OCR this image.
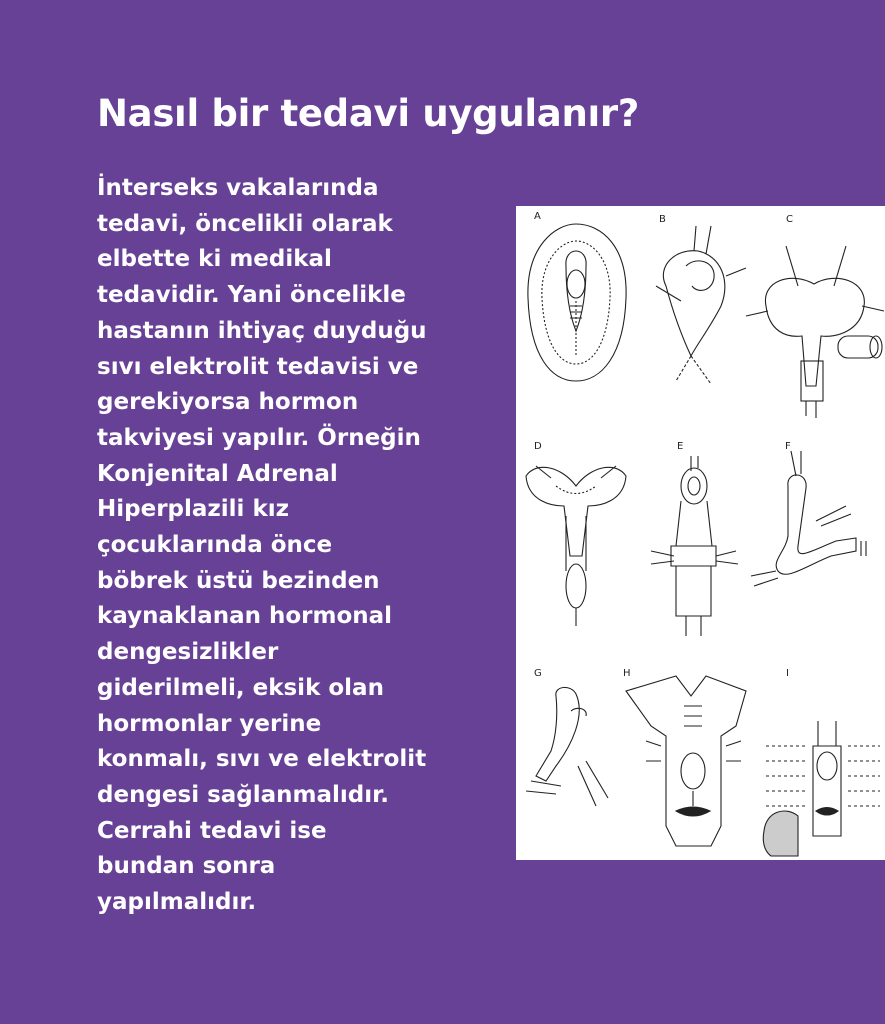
Nasıl bir tedavi uygulanır?
İnterseks vakalarında
tedavi, öncelikli olarak
elbette ki medikal
tedavidir. Yani öncelikle
hastanın ihtiyaç duyduğu
sıvı elektrolit tedavisi ve
gerekiyorsa hormon
takviyesi yapılır. Örneğin
Konjenital Adrenal
Hiperplazili kız
çocuklarında önce
böbrek üstü bezinden
kaynaklanan hormonal
dengesizlikler
giderilmeli, eksik olan
hormonlar yerine
konmalı, sıvı ve elektrolit
dengesi sağlanmalıdır.
Cerrahi tedavi ise
bundan sonra
yapılmalıdır.
A	B	C
D	E	F
G	H	I
